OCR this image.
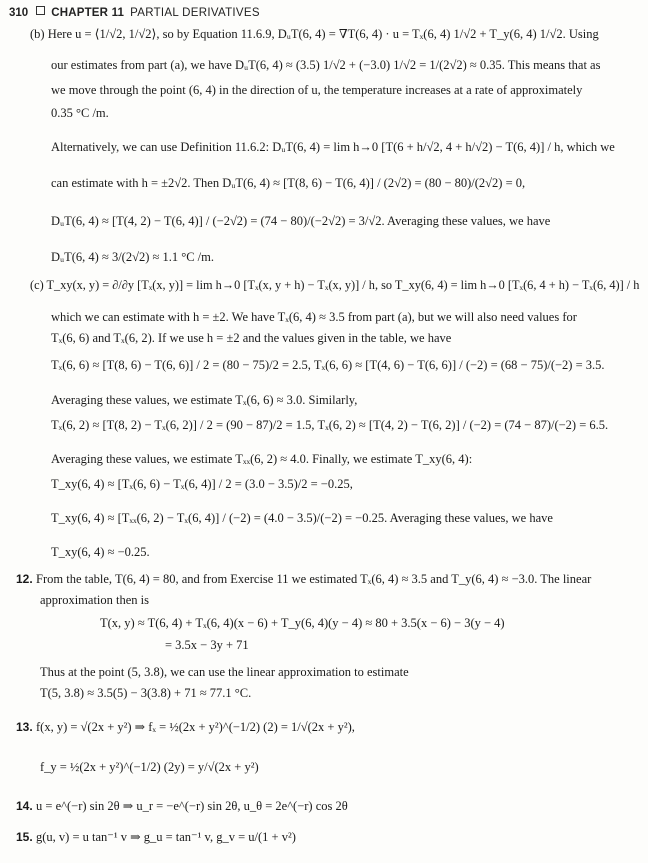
310 CHAPTER 11 PARTIAL DERIVATIVES
(b) Here u = ⟨1/√2, 1/√2⟩, so by Equation 11.6.9, DᵤT(6, 4) = ∇T(6, 4) · u = Tₓ(6, 4) 1/√2 + T_y(6, 4) 1/√2. Using
our estimates from part (a), we have DᵤT(6, 4) ≈ (3.5) 1/√2 + (−3.0) 1/√2 = 1/(2√2) ≈ 0.35. This means that as
we move through the point (6, 4) in the direction of u, the temperature increases at a rate of approximately
0.35 °C /m.
Alternatively, we can use Definition 11.6.2: DᵤT(6, 4) = lim h→0 [T(6 + h/√2, 4 + h/√2) − T(6, 4)] / h, which we
can estimate with h = ±2√2. Then DᵤT(6, 4) ≈ [T(8, 6) − T(6, 4)] / (2√2) = (80 − 80)/(2√2) = 0,
DᵤT(6, 4) ≈ [T(4, 2) − T(6, 4)] / (−2√2) = (74 − 80)/(−2√2) = 3/√2. Averaging these values, we have
DᵤT(6, 4) ≈ 3/(2√2) ≈ 1.1 °C /m.
(c) T_xy(x, y) = ∂/∂y [Tₓ(x, y)] = lim h→0 [Tₓ(x, y + h) − Tₓ(x, y)] / h, so T_xy(6, 4) = lim h→0 [Tₓ(6, 4 + h) − Tₓ(6, 4)] / h
which we can estimate with h = ±2. We have Tₓ(6, 4) ≈ 3.5 from part (a), but we will also need values for
Tₓ(6, 6) and Tₓ(6, 2). If we use h = ±2 and the values given in the table, we have
Tₓ(6, 6) ≈ [T(8, 6) − T(6, 6)] / 2 = (80 − 75)/2 = 2.5, Tₓ(6, 6) ≈ [T(4, 6) − T(6, 6)] / (−2) = (68 − 75)/(−2) = 3.5.
Averaging these values, we estimate Tₓ(6, 6) ≈ 3.0. Similarly,
Tₓ(6, 2) ≈ [T(8, 2) − Tₓ(6, 2)] / 2 = (90 − 87)/2 = 1.5, Tₓ(6, 2) ≈ [T(4, 2) − T(6, 2)] / (−2) = (74 − 87)/(−2) = 6.5.
Averaging these values, we estimate Tₓₓ(6, 2) ≈ 4.0. Finally, we estimate T_xy(6, 4):
T_xy(6, 4) ≈ [Tₓ(6, 6) − Tₓ(6, 4)] / 2 = (3.0 − 3.5)/2 = −0.25,
T_xy(6, 4) ≈ [Tₓₓ(6, 2) − Tₓ(6, 4)] / (−2) = (4.0 − 3.5)/(−2) = −0.25. Averaging these values, we have
T_xy(6, 4) ≈ −0.25.
12. From the table, T(6, 4) = 80, and from Exercise 11 we estimated Tₓ(6, 4) ≈ 3.5 and T_y(6, 4) ≈ −3.0. The linear
approximation then is
T(x, y) ≈ T(6, 4) + Tₓ(6, 4)(x − 6) + T_y(6, 4)(y − 4) ≈ 80 + 3.5(x − 6) − 3(y − 4)
= 3.5x − 3y + 71
Thus at the point (5, 3.8), we can use the linear approximation to estimate
T(5, 3.8) ≈ 3.5(5) − 3(3.8) + 71 ≈ 77.1 °C.
13. f(x, y) = √(2x + y²) ⇒ fₓ = ½(2x + y²)^(−1/2) (2) = 1/√(2x + y²),
f_y = ½(2x + y²)^(−1/2) (2y) = y/√(2x + y²)
14. u = e^(−r) sin 2θ ⇒ u_r = −e^(−r) sin 2θ, u_θ = 2e^(−r) cos 2θ
15. g(u, v) = u tan⁻¹ v ⇒ g_u = tan⁻¹ v, g_v = u/(1 + v²)
